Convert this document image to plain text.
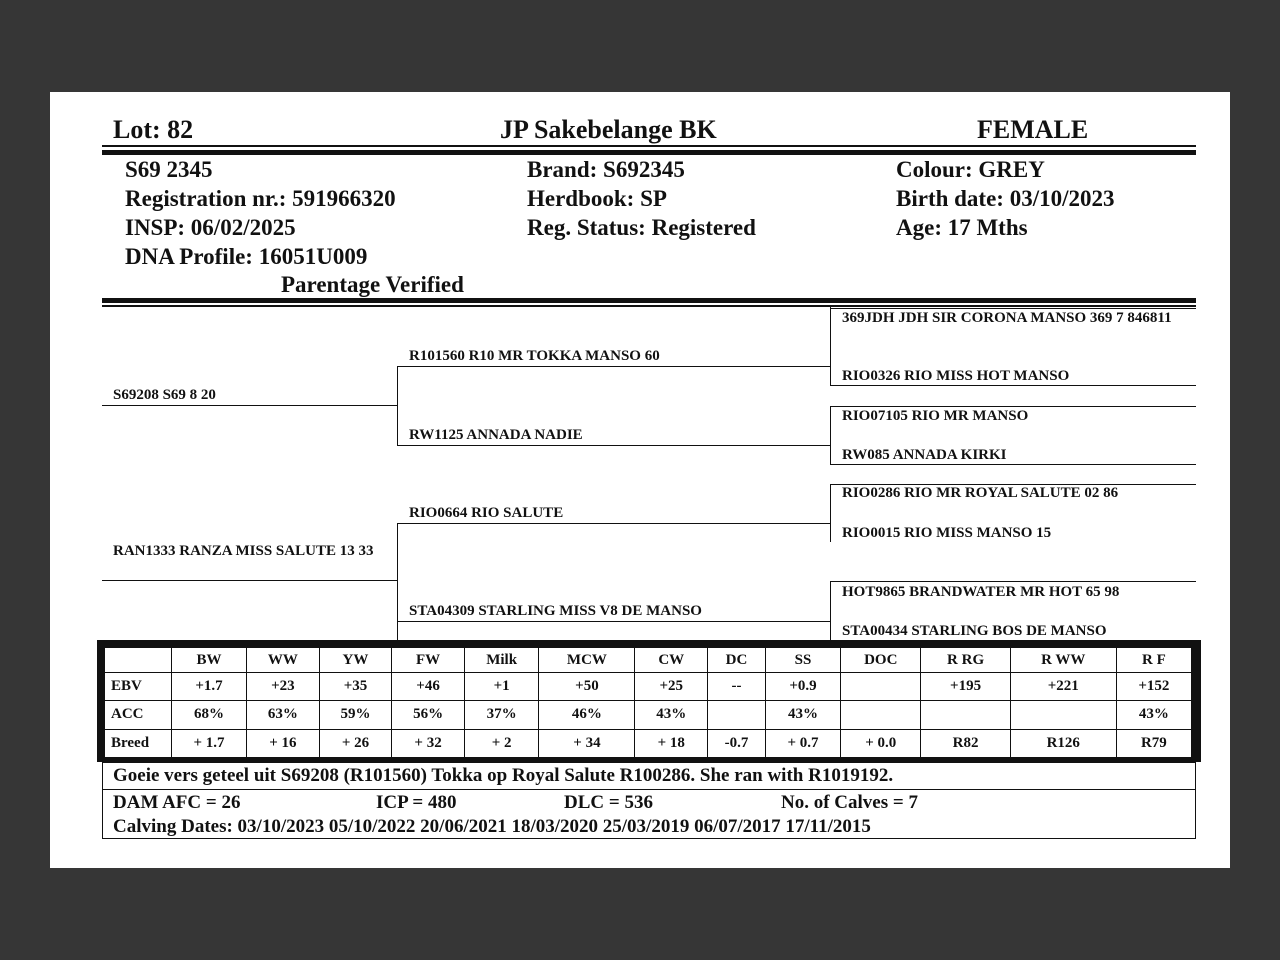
Lot: 82	JP Sakebelange BK	FEMALE
S69 2345
Registration nr.: 591966320
INSP: 06/02/2025
DNA Profile: 16051U009
Parentage Verified
Brand: S692345
Herdbook: SP
Reg. Status: Registered
Colour: GREY
Birth date: 03/10/2023
Age: 17 Mths
S69208 S69 8 20
RAN1333 RANZA MISS SALUTE 13 33
R101560 R10 MR TOKKA MANSO 60
RW1125 ANNADA NADIE
RIO0664 RIO SALUTE
STA04309 STARLING MISS V8 DE MANSO
369JDH JDH SIR CORONA MANSO 369 7 846811
RIO0326 RIO MISS HOT MANSO
RIO07105 RIO MR MANSO
RW085 ANNADA KIRKI
RIO0286 RIO MR ROYAL SALUTE 02 86
RIO0015 RIO MISS MANSO 15
HOT9865 BRANDWATER MR HOT 65 98
STA00434 STARLING BOS DE MANSO
	BW	WW	YW	FW	Milk	MCW	CW	DC	SS	DOC	R RG	R WW	R F
EBV	+1.7	+23	+35	+46	+1	+50	+25	--	+0.9		+195	+221	+152
ACC	68%	63%	59%	56%	37%	46%	43%		43%				43%
Breed	+ 1.7	+ 16	+ 26	+ 32	+ 2	+ 34	+ 18	-0.7	+ 0.7	+ 0.0	R82	R126	R79
Goeie vers geteel uit S69208 (R101560) Tokka op Royal Salute R100286. She ran with R1019192.
DAM AFC = 26	ICP = 480	DLC = 536	No. of Calves = 7
Calving Dates: 03/10/2023 05/10/2022 20/06/2021 18/03/2020 25/03/2019 06/07/2017 17/11/2015
